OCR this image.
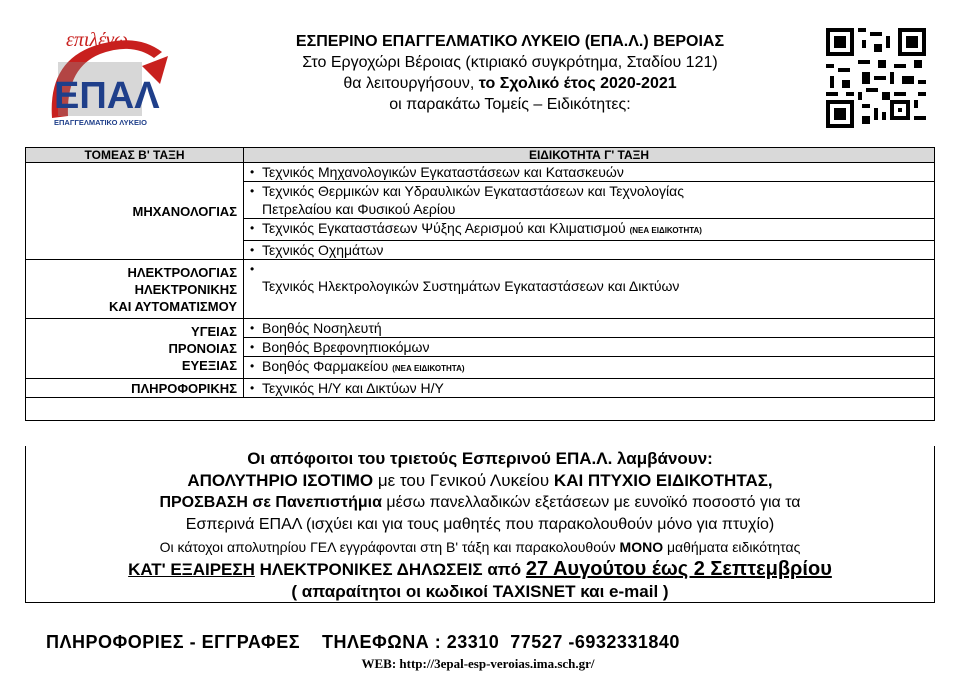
επιλέγω
ΕΠΑΛ
ΕΠΑΓΓΕΛΜΑΤΙΚΟ ΛΥΚΕΙΟ
ΕΣΠΕΡΙΝΟ ΕΠΑΓΓΕΛΜΑΤΙΚΟ ΛΥΚΕΙΟ (ΕΠΑ.Λ.) ΒΕΡΟΙΑΣ
Στο Εργοχώρι Βέροιας (κτιριακό συγκρότημα, Σταδίου 121)
θα λειτουργήσουν, το Σχολικό έτος 2020-2021
οι παρακάτω Τομείς – Ειδικότητες:
ΤΟΜΕΑΣ Β' ΤΑΞΗ	ΕΙΔΙΚΟΤΗΤΑ Γ' ΤΑΞΗ
ΜΗΧΑΝΟΛΟΓΙΑΣ	• Τεχνικός Μηχανολογικών Εγκαταστάσεων και Κατασκευών
	• Τεχνικός Θερμικών και Υδραυλικών Εγκαταστάσεων και Τεχνολογίας
Πετρελαίου και Φυσικού Αερίου
	• Τεχνικός Εγκαταστάσεων Ψύξης Αερισμού και Κλιματισμού (ΝΕΑ ΕΙΔΙΚΟΤΗΤΑ)
	• Τεχνικός Οχημάτων
ΗΛΕΚΤΡΟΛΟΓΙΑΣ
ΗΛΕΚΤΡΟΝΙΚΗΣ
ΚΑΙ ΑΥΤΟΜΑΤΙΣΜΟΥ	• Τεχνικός Ηλεκτρολογικών Συστημάτων Εγκαταστάσεων και Δικτύων
ΥΓΕΙΑΣ
ΠΡΟΝΟΙΑΣ
ΕΥΕΞΙΑΣ	• Βοηθός Νοσηλευτή
	• Βοηθός Βρεφονηπιοκόμων
	• Βοηθός Φαρμακείου (ΝΕΑ ΕΙΔΙΚΟΤΗΤΑ)
ΠΛΗΡΟΦΟΡΙΚΗΣ	• Τεχνικός Η/Υ και Δικτύων Η/Υ

Οι απόφοιτοι του τριετούς Εσπερινού ΕΠΑ.Λ. λαμβάνουν:

ΑΠΟΛΥΤΗΡΙΟ ΙΣΟΤΙΜΟ με του Γενικού Λυκείου ΚΑΙ ΠΤΥΧΙΟ ΕΙΔΙΚΟΤΗΤΑΣ,

ΠΡΟΣΒΑΣΗ σε Πανεπιστήμια μέσω πανελλαδικών εξετάσεων με ευνοϊκό ποσοστό για τα

Εσπερινά ΕΠΑΛ (ισχύει και για τους μαθητές που παρακολουθούν μόνο για πτυχίο)

Οι κάτοχοι απολυτηρίου ΓΕΛ εγγράφονται στη Β' τάξη και παρακολουθούν ΜΟΝΟ μαθήματα ειδικότητας

ΚΑΤ' ΕΞΑΙΡΕΣΗ ΗΛΕΚΤΡΟΝΙΚΕΣ ΔΗΛΩΣΕΙΣ από 27 Αυγούτου έως 2 Σεπτεμβρίου

( απαραίτητοι οι κωδικοί TAXISNET και e-mail )

ΠΛΗΡΟΦΟΡΙΕΣ - ΕΓΓΡΑΦΕΣ    ΤΗΛΕΦΩΝΑ : 23310  77527 -6932331840
WEB: http://3epal-esp-veroias.ima.sch.gr/
